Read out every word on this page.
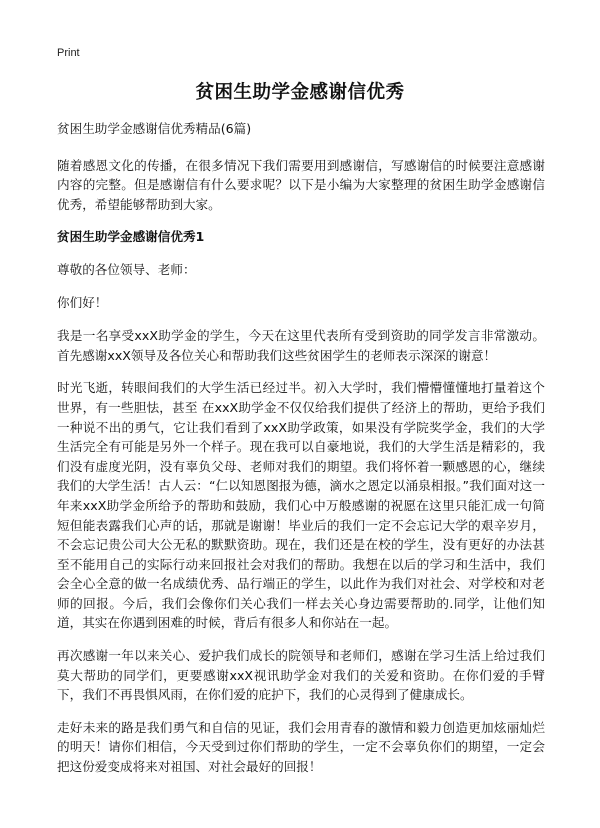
Print
贫困生助学金感谢信优秀

贫困生助学金感谢信优秀精品(6篇)

随着感恩文化的传播，在很多情况下我们需要用到感谢信，写感谢信的时候要注意感谢内容的完整。但是感谢信有什么要求呢？以下是小编为大家整理的贫困生助学金感谢信优秀，希望能够帮助到大家。

贫困生助学金感谢信优秀1

尊敬的各位领导、老师：

你们好！

我是一名享受xxX助学金的学生，今天在这里代表所有受到资助的同学发言非常激动。首先感谢xxX领导及各位关心和帮助我们这些贫困学生的老师表示深深的谢意！

时光飞逝，转眼间我们的大学生活已经过半。初入大学时，我们懵懵懂懂地打量着这个世界，有一些胆怯，甚至 在xxX助学金不仅仅给我们提供了经济上的帮助，更给予我们一种说不出的勇气，它让我们看到了xxX助学政策，如果没有学院奖学金，我们的大学生活完全有可能是另外一个样子。现在我可以自豪地说，我们的大学生活是精彩的，我们没有虚度光阴，没有辜负父母、老师对我们的期望。我们将怀着一颗感恩的心，继续我们的大学生活！古人云：“仁以知恩图报为德，滴水之恩定以涌泉相报。”我们面对这一年来xxX助学金所给予的帮助和鼓励，我们心中万般感谢的祝愿在这里只能汇成一句简短但能表露我们心声的话，那就是谢谢！毕业后的我们一定不会忘记大学的艰辛岁月，不会忘记贵公司大公无私的默默资助。现在，我们还是在校的学生，没有更好的办法甚至不能用自己的实际行动来回报社会对我们的帮助。我想在以后的学习和生活中，我们会全心全意的做一名成绩优秀、品行端正的学生，以此作为我们对社会、对学校和对老师的回报。今后，我们会像你们关心我们一样去关心身边需要帮助的.同学，让他们知道，其实在你遇到困难的时候，背后有很多人和你站在一起。

再次感谢一年以来关心、爱护我们成长的院领导和老师们，感谢在学习生活上给过我们莫大帮助的同学们，更要感谢xxX视讯助学金对我们的关爱和资助。在你们爱的手臂下，我们不再畏惧风雨，在你们爱的庇护下，我们的心灵得到了健康成长。

走好未来的路是我们勇气和自信的见证，我们会用青春的激情和毅力创造更加炫丽灿烂的明天！请你们相信，今天受到过你们帮助的学生，一定不会辜负你们的期望，一定会把这份爱变成将来对祖国、对社会最好的回报！
